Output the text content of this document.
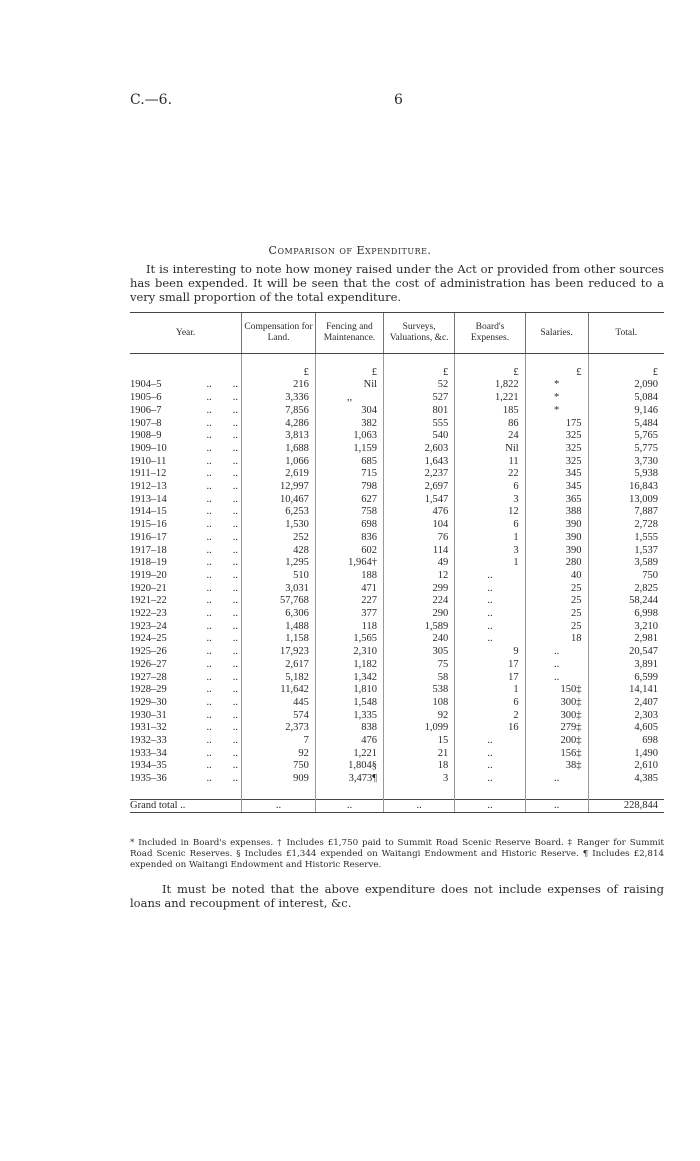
C.—6.	6
Comparison of Expenditure.

It is interesting to note how money raised under the Act or provided from other sources has been expended. It will be seen that the cost of administration has been reduced to a very small proportion of the total expenditure.

Year.	Compensation for Land.	Fencing and Maintenance.	Surveys, Valuations, &c.	Board's Expenses.	Salaries.	Total.

	£	£	£	£	£	£

1904–5 ..        ..	216	Nil	52	1,822	*	2,090

1905–6 ..        ..	3,336	,,	527	1,221	*	5,084

1906–7 ..        ..	7,856	304	801	185	*	9,146

1907–8 ..        ..	4,286	382	555	86	175	5,484

1908–9 ..        ..	3,813	1,063	540	24	325	5,765

1909–10 ..        ..	1,688	1,159	2,603	Nil	325	5,775

1910–11 ..        ..	1,066	685	1,643	11	325	3,730

1911–12 ..        ..	2,619	715	2,237	22	345	5,938

1912–13 ..        ..	12,997	798	2,697	6	345	16,843

1913–14 ..        ..	10,467	627	1,547	3	365	13,009

1914–15 ..        ..	6,253	758	476	12	388	7,887

1915–16 ..        ..	1,530	698	104	6	390	2,728

1916–17 ..        ..	252	836	76	1	390	1,555

1917–18 ..        ..	428	602	114	3	390	1,537

1918–19 ..        ..	1,295	1,964†	49	1	280	3,589

1919–20 ..        ..	510	188	12	..	40	750

1920–21 ..        ..	3,031	471	299	..	25	2,825

1921–22 ..        ..	57,768	227	224	..	25	58,244

1922–23 ..        ..	6,306	377	290	..	25	6,998

1923–24 ..        ..	1,488	118	1,589	..	25	3,210

1924–25 ..        ..	1,158	1,565	240	..	18	2,981

1925–26 ..        ..	17,923	2,310	305	9	..	20,547

1926–27 ..        ..	2,617	1,182	75	17	..	3,891

1927–28 ..        ..	5,182	1,342	58	17	..	6,599

1928–29 ..        ..	11,642	1,810	538	1	150‡	14,141

1929–30 ..        ..	445	1,548	108	6	300‡	2,407

1930–31 ..        ..	574	1,335	92	2	300‡	2,303

1931–32 ..        ..	2,373	838	1,099	16	279‡	4,605

1932–33 ..        ..	7	476	15	..	200‡	698

1933–34 ..        ..	92	1,221	21	..	156‡	1,490

1934–35 ..        ..	750	1,804§	18	..	38‡	2,610

1935–36 ..        ..	909	3,473¶	3	..	..	4,385

Grand total ..	..	..	..	..	..	228,844
* Included in Board's expenses. † Includes £1,750 paid to Summit Road Scenic Reserve Board. ‡ Ranger for Summit Road Scenic Reserves. § Includes £1,344 expended on Waitangi Endowment and Historic Reserve. ¶ Includes £2,814 expended on Waitangi Endowment and Historic Reserve.

It must be noted that the above expenditure does not include expenses of raising loans and recoupment of interest, &c.
